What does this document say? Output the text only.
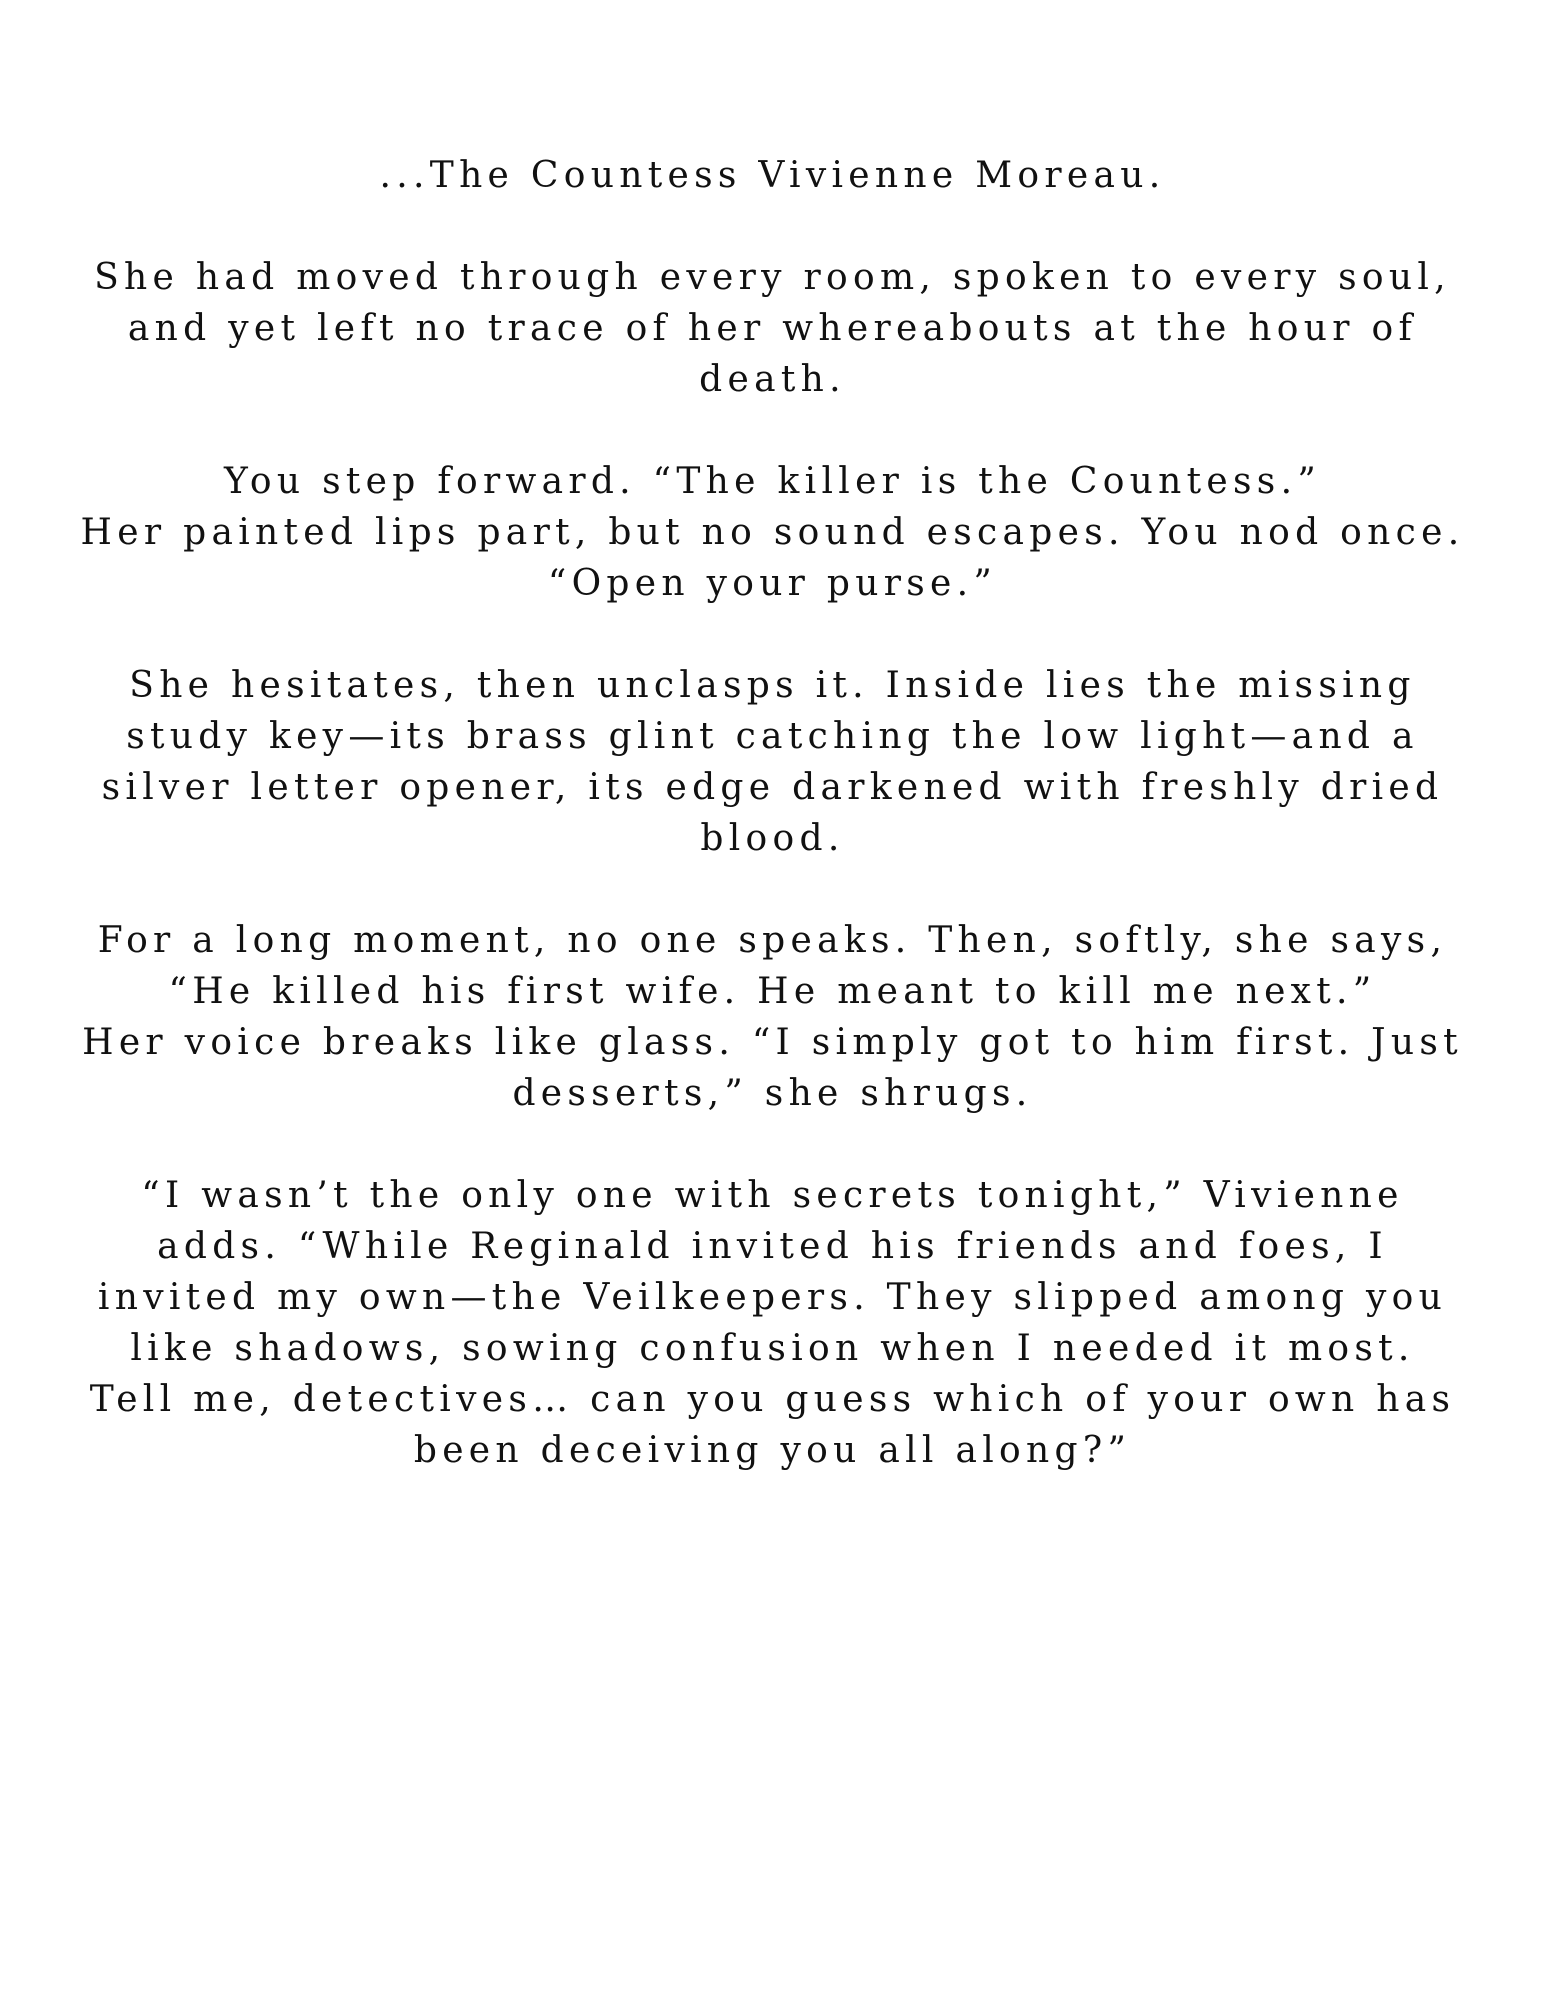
...The Countess Vivienne Moreau.
She had moved through every room, spoken to every soul,
and yet left no trace of her whereabouts at the hour of
death.
You step forward. “The killer is the Countess.”
Her painted lips part, but no sound escapes. You nod once.
“Open your purse.”
She hesitates, then unclasps it. Inside lies the missing
study key—its brass glint catching the low light—and a
silver letter opener, its edge darkened with freshly dried
blood.
For a long moment, no one speaks. Then, softly, she says,
“He killed his first wife. He meant to kill me next.”
Her voice breaks like glass. “I simply got to him first. Just
desserts,” she shrugs.
“I wasn’t the only one with secrets tonight,” Vivienne
adds. “While Reginald invited his friends and foes, I
invited my own—the Veilkeepers. They slipped among you
like shadows, sowing confusion when I needed it most.
Tell me, detectives… can you guess which of your own has
been deceiving you all along?”
